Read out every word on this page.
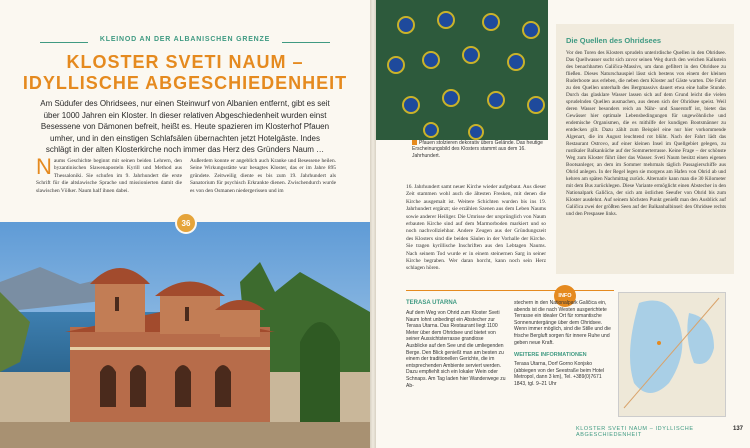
KLEINOD AN DER ALBANISCHEN GRENZE
KLOSTER SVETI NAUM –
IDYLLISCHE ABGESCHIEDENHEIT
Am Südufer des Ohridsees, nur einen Steinwurf von Albanien entfernt, gibt es seit über 1000 Jahren ein Kloster. In dieser relativen Abgeschiedenheit wurden einst Besessene von Dämonen befreit, heißt es. Heute spazieren im Klosterhof Pfauen umher, und in den einstigen Schlafsälen übernachten jetzt Hotelgäste. Indes schlägt in der alten Klosterkirche noch immer das Herz des Gründers Naum …
Naums Geschichte beginnt mit seinen beiden Lehrern, den byzantinischen Slawenaposteln Kyrill und Method aus Thessaloniki. Sie schufen im 9. Jahrhundert die erste Schrift für die altslawische Sprache und missionierten damit die slawischen Völker. Naum half ihnen dabei.
Außerdem konnte er angeblich auch Kranke und Besessene heilen. Seine Wirkungsstätte war besagtes Kloster, das er im Jahre 895 gründete. Zeitweilig diente es bis zum 19. Jahrhundert als Sanatorium für psychisch Erkrankte dienen. Zwischendurch wurde es von den Osmanen niedergerissen und im
36
Pfauen stolzieren dekorativ übers Gelände. Das heutige Erscheinungsbild des Klosters stammt aus dem 16. Jahrhundert.
Die Quellen des Ohridsees
Vor den Toren des Klosters sprudeln unterirdische Quellen in den Ohridsee. Das Quellwasser sucht sich zuvor seinen Weg durch den weichen Kalkstein des benachbarten Galičica-Massivs, um dann gefiltert in den Ohridsee zu fließen. Dieses Naturschauspiel lässt sich bestens von einem der kleinen Ruderboote aus erleben, die neben dem Kloster auf Gäste warten. Die Fahrt zu den Quellen unterhalb des Bergmassivs dauert etwa eine halbe Stunde. Durch das glasklare Wasser lassen sich auf dem Grund leicht die vielen sprudelnden Quellen ausmachen, aus denen sich der Ohridsee speist. Weil deren Wasser besonders reich an Nähr- und Sauerstoff ist, bietet das Gewässer hier optimale Lebensbedingungen für ungewöhnliche und endemische Organismen, die es mithilfe der kundigen Bootsmänner zu entdecken gilt. Dazu zählt zum Beispiel eine nur hier vorkommende Algenart, die im August leuchtend rot blüht. Nach der Fahrt lädt das Restaurant Ostrovo, auf einer kleinen Insel im Quellgebiet gelegen, zu rustikaler Balkanküche auf der Sommerterrasse. Keine Frage – der schönste Weg zum Kloster führt über das Wasser. Sveti Naum besitzt einen eigenen Bootsanleger, an dem im Sommer mehrmals täglich Passagierschiffe aus Ohrid anlegen. In der Regel legen sie morgens am Hafen von Ohrid ab und kehren am späten Nachmittag zurück. Alternativ kann man die 30 Kilometer mit dem Bus zurücklegen. Diese Variante ermöglicht einen Abstecher in den Nationalpark Galičica, der sich am östlichen Seeufer von Ohrid bis zum Kloster ausdehnt. Auf seinem höchsten Punkt genießt man den Ausblick auf Galičica zwei der größten Seen auf der Balkanhalbinsel: den Ohridsee rechts und den Prespasee links.
16. Jahrhundert samt neuer Kirche wieder aufgebaut. Aus dieser Zeit stammen wohl auch die ältesten Fresken, mit denen die Kirche ausgemalt ist. Weitere Schichten wurden bis ins 19. Jahrhundert ergänzt; sie erzählen Szenen aus dem Leben Naums sowie anderer Heiliger. Die Umrisse der ursprünglich von Naum erbauten Kirche sind auf dem Marmorboden markiert und so noch nachvollziehbar. Andere Zeugen aus der Gründungszeit des Klosters sind die beiden Säulen in der Vorhalle der Kirche. Sie tragen kyrillische Inschriften aus den Lebtagen Naums. Nach seinem Tod wurde er in einem steinernen Sarg in seiner Kirche begraben. Wer daran horcht, kann noch sein Herz schlagen hören.
INFO
TERASA UTARNA
Auf dem Weg von Ohrid zum Kloster Sveti Naum lohnt unbedingt ein Abstecher zur Terasa Utarna. Das Restaurant liegt 1100 Meter über dem Ohridsee und bietet von seiner Aussichtsterrasse grandiose Ausblicke auf den See und die umliegenden Berge. Den Blick genießt man am besten zu einem der traditionellen Gerichte, die im entsprechenden Ambiente serviert werden. Dazu empfiehlt sich ein lokaler Wein oder Schnaps. Am Tag laden hier Wanderwege zu Ab-
stechern in den Nationalpark Galičica ein, abends ist die nach Westen ausgerichtete Terrasse ein idealer Ort für romantische Sonnenuntergänge über dem Ohridsee. Wenn immer möglich, sind die Stille und die frische Bergluft sorgen für innere Ruhe und geben neue Kraft.
WEITERE INFORMATIONEN
Terasa Utarna, Dorf Gorno Konjsko (abbiegen von der Seestraße beim Hotel Metropol, dann 3 km), Tel. +389(0)7671 1843, tgl. 9–21 Uhr
KLOSTER SVETI NAUM – IDYLLISCHE ABGESCHIEDENHEIT
137
